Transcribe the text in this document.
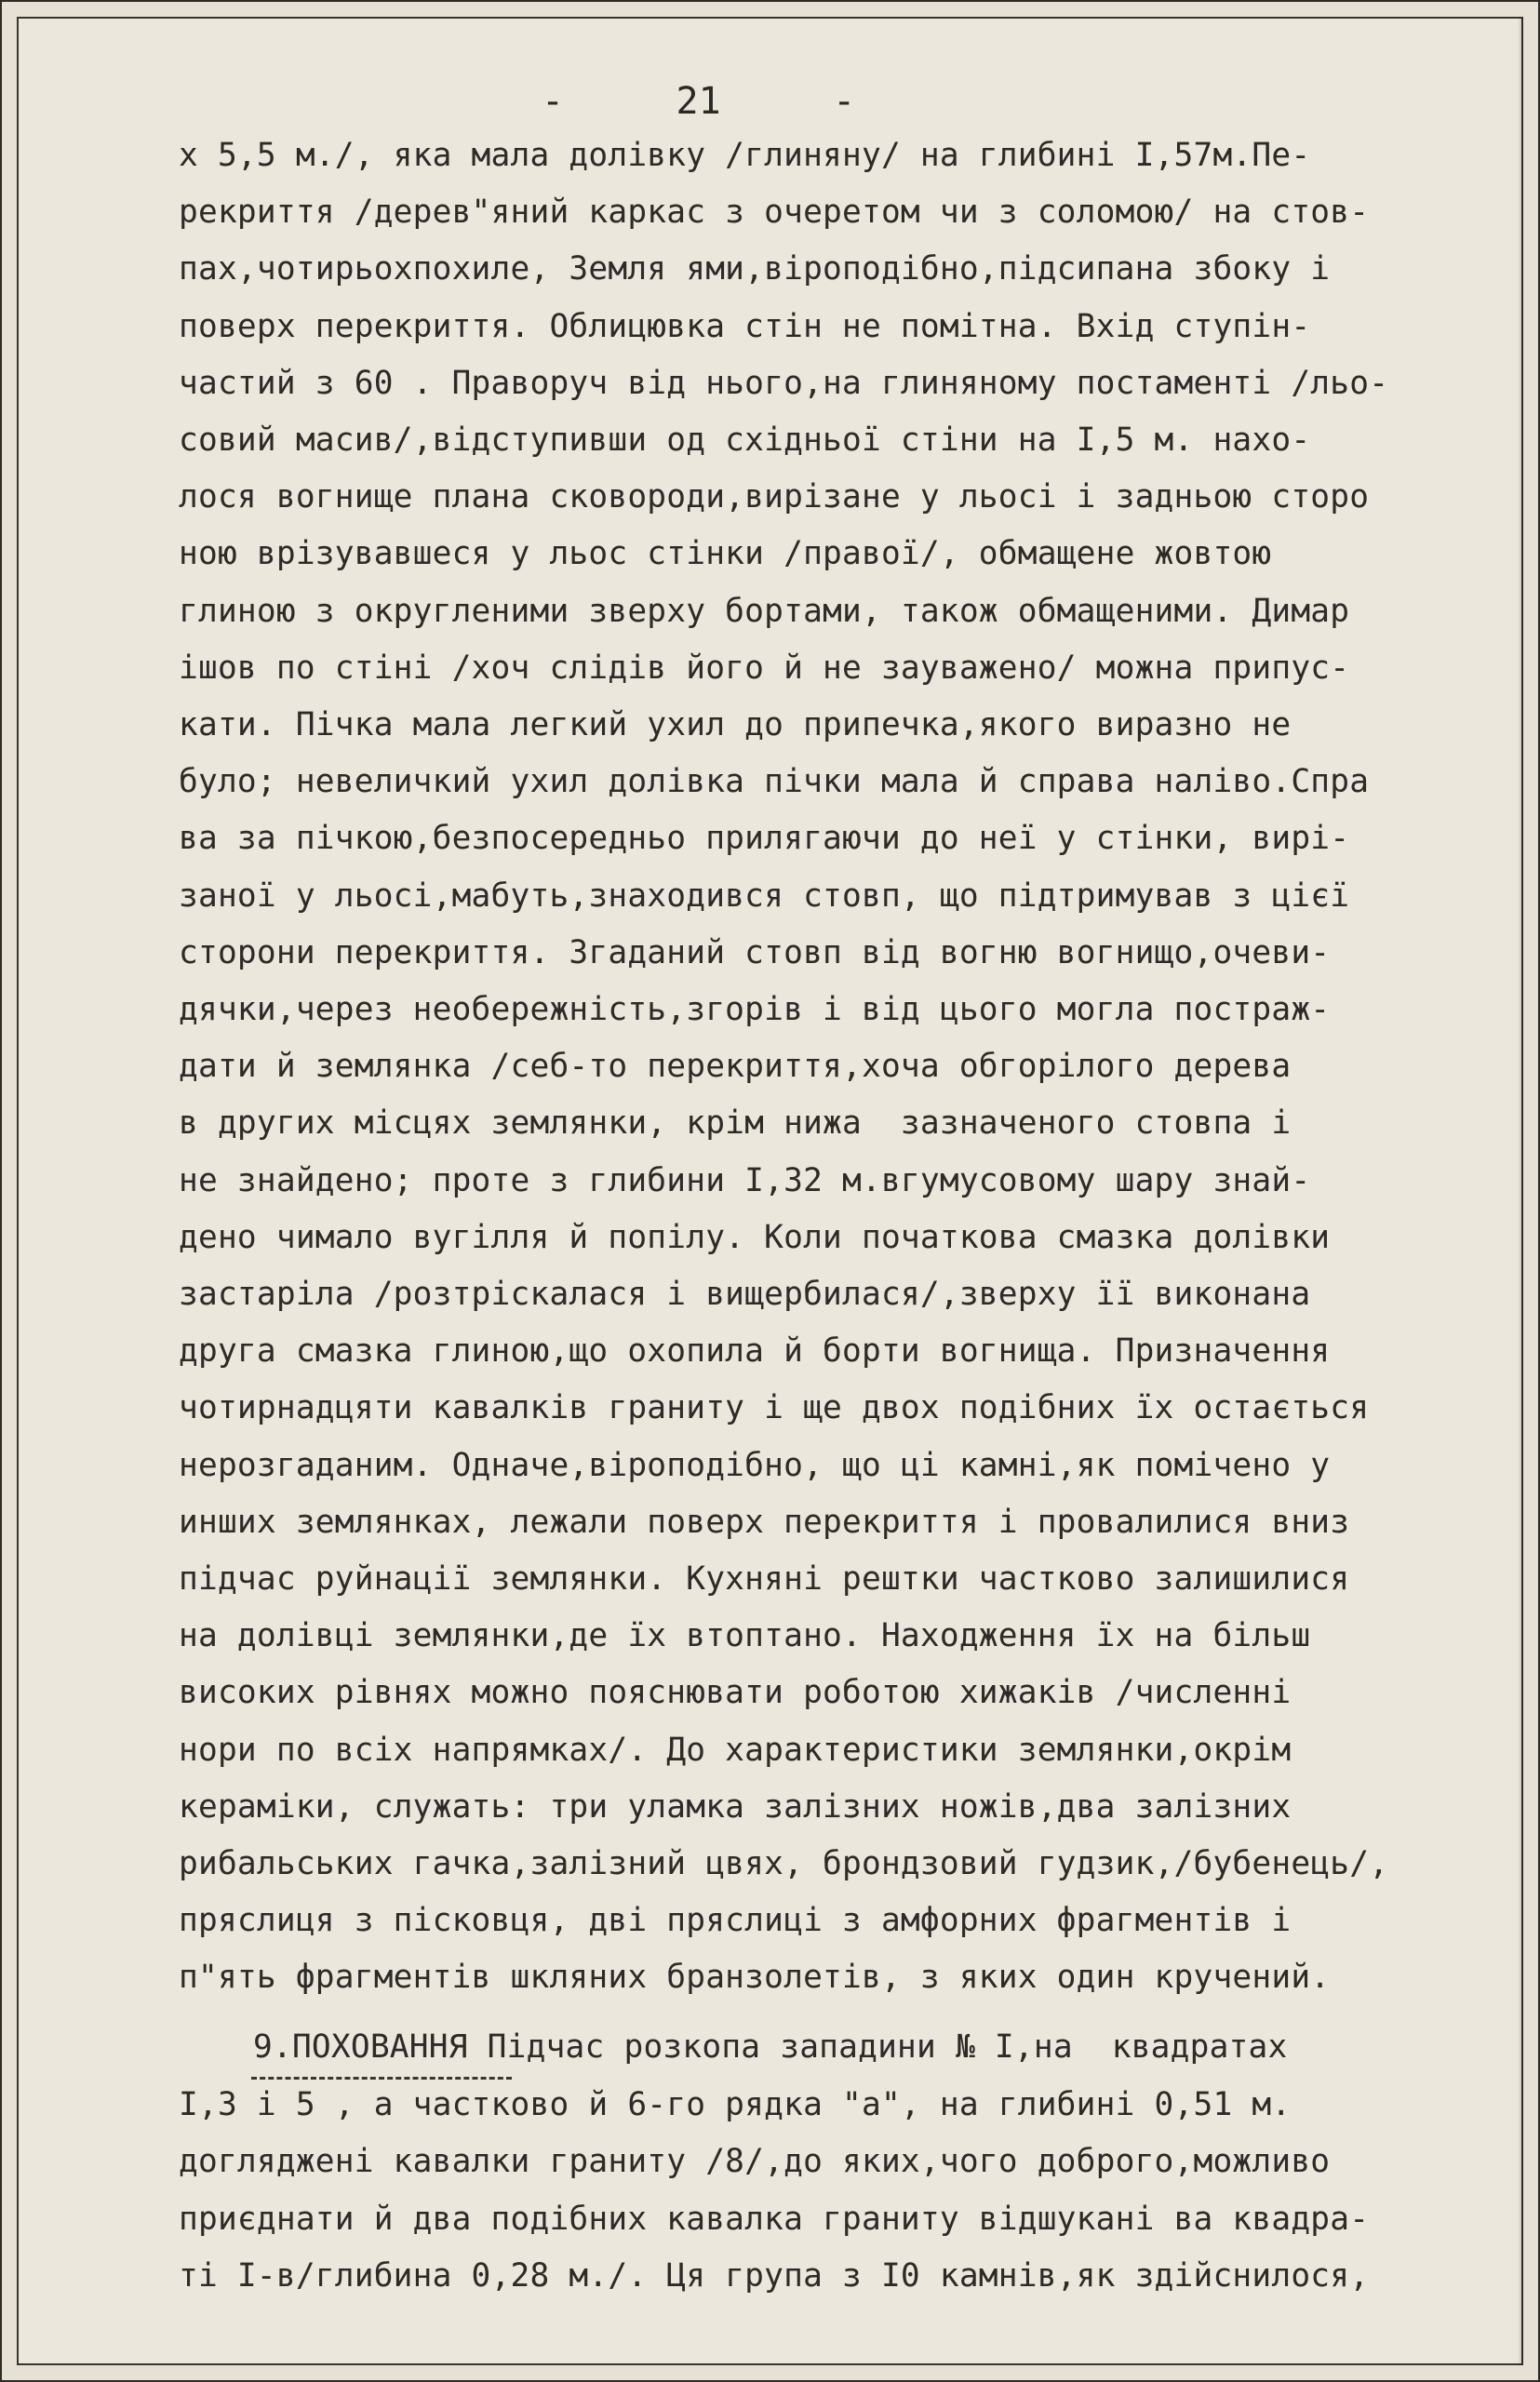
-     21     -
х 5,5 м./, яка мала долівку /глиняну/ на глибині І,57м.Пе-
рекриття /дерев"яний каркас з очеретом чи з соломою/ на стов-
пах,чотирьохпохиле, Земля ями,віроподібно,підсипана збоку і
поверх перекриття. Облицювка стін не помітна. Вхід ступін-
частий з 60 . Праворуч від нього,на глиняному постаменті /льо-
совий масив/,відступивши од східньої стіни на І,5 м. нахо-
лося вогнище плана сковороди,вирізане у льосі і задньою сторо
ною врізувавшеся у льос стінки /правої/, обмащене жовтою
глиною з округленими зверху бортами, також обмащеними. Димар
ішов по стіні /хоч слідів його й не зауважено/ можна припус-
кати. Пічка мала легкий ухил до припечка,якого виразно не
було; невеличкий ухил долівка пічки мала й справа наліво.Спра
ва за пічкою,безпосередньо прилягаючи до неї у стінки, вирі-
заної у льосі,мабуть,знаходився стовп, що підтримував з цієї
сторони перекриття. Згаданий стовп від вогню вогнищо,очеви-
дячки,через необережність,згорів і від цього могла постраж-
дати й землянка /себ-то перекриття,хоча обгорілого дерева
в других місцях землянки, крім нижа  зазначеного стовпа і
не знайдено; проте з глибини І,32 м.вгумусовому шару знай-
дено чимало вугілля й попілу. Коли початкова смазка долівки
застаріла /розтріскалася і вищербилася/,зверху її виконана
друга смазка глиною,що охопила й борти вогнища. Призначення
чотирнадцяти кавалків граниту і ще двох подібних їх остається
нерозгаданим. Одначе,віроподібно, що ці камні,як помічено у
инших землянках, лежали поверх перекриття і провалилися вниз
підчас руйнації землянки. Кухняні рештки частково залишилися
на долівці землянки,де їх втоптано. Находження їх на більш
високих рівнях можно пояснювати роботою хижаків /численні
нори по всіх напрямках/. До характеристики землянки,окрім
кераміки, служать: три уламка залізних ножів,два залізних
рибальських гачка,залізний цвях, брондзовий гудзик,/бубенець/,
пряслиця з пісковця, дві пряслиці з амфорних фрагментів і
п"ять фрагментів шкляних бранзолетів, з яких один кручений.
9.ПОХОВАННЯ Підчас розкопа западини № І,на  квадратах
І,3 і 5 , а частково й 6-го рядка "а", на глибині 0,51 м.
догляджені кавалки граниту /8/,до яких,чого доброго,можливо
приєднати й два подібних кавалка граниту відшукані ва квадра-
ті І-в/глибина 0,28 м./. Ця група з І0 камнів,як здійснилося,
